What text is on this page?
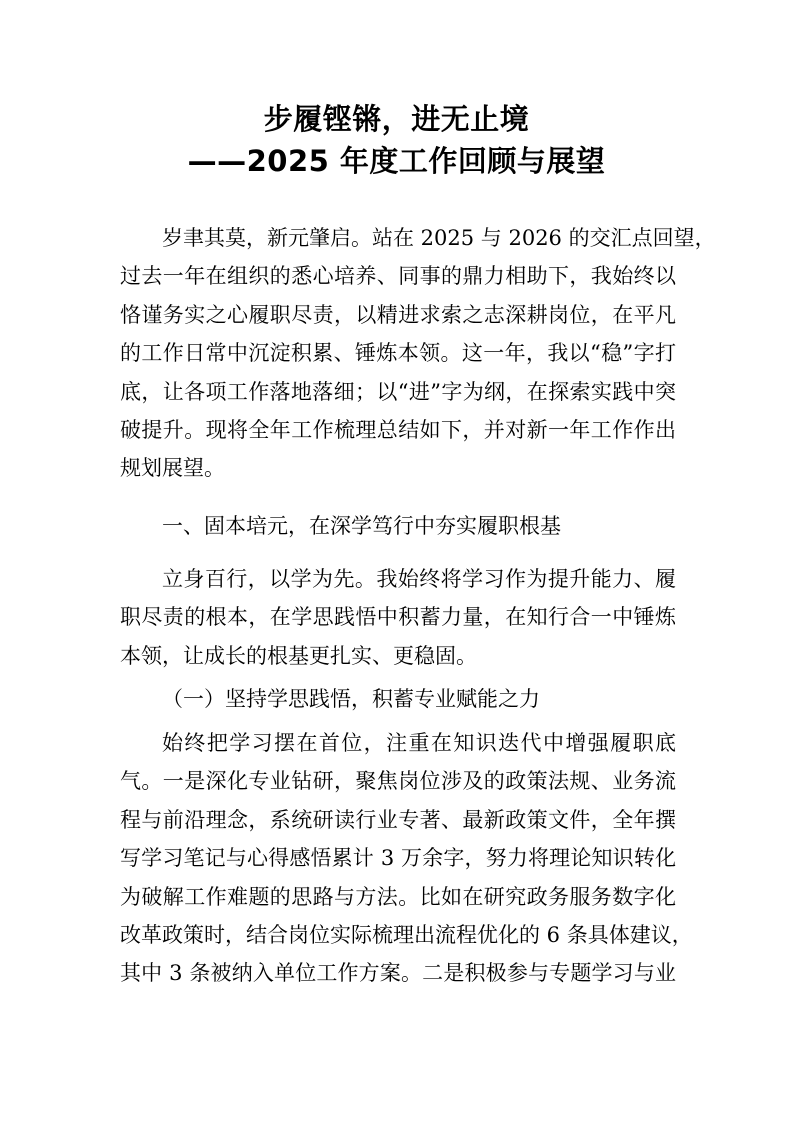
步履铿锵，进无止境
——2025 年度工作回顾与展望
岁聿其莫，新元肇启。站在 2025 与 2026 的交汇点回望，
过去一年在组织的悉心培养、同事的鼎力相助下，我始终以
恪谨务实之心履职尽责，以精进求索之志深耕岗位，在平凡
的工作日常中沉淀积累、锤炼本领。这一年，我以“稳”字打
底，让各项工作落地落细；以“进”字为纲，在探索实践中突
破提升。现将全年工作梳理总结如下，并对新一年工作作出
规划展望。
一、固本培元，在深学笃行中夯实履职根基
立身百行，以学为先。我始终将学习作为提升能力、履
职尽责的根本，在学思践悟中积蓄力量，在知行合一中锤炼
本领，让成长的根基更扎实、更稳固。
（一）坚持学思践悟，积蓄专业赋能之力
始终把学习摆在首位，注重在知识迭代中增强履职底
气。一是深化专业钻研，聚焦岗位涉及的政策法规、业务流
程与前沿理念，系统研读行业专著、最新政策文件，全年撰
写学习笔记与心得感悟累计 3 万余字，努力将理论知识转化
为破解工作难题的思路与方法。比如在研究政务服务数字化
改革政策时，结合岗位实际梳理出流程优化的 6 条具体建议，
其中 3 条被纳入单位工作方案。二是积极参与专题学习与业
